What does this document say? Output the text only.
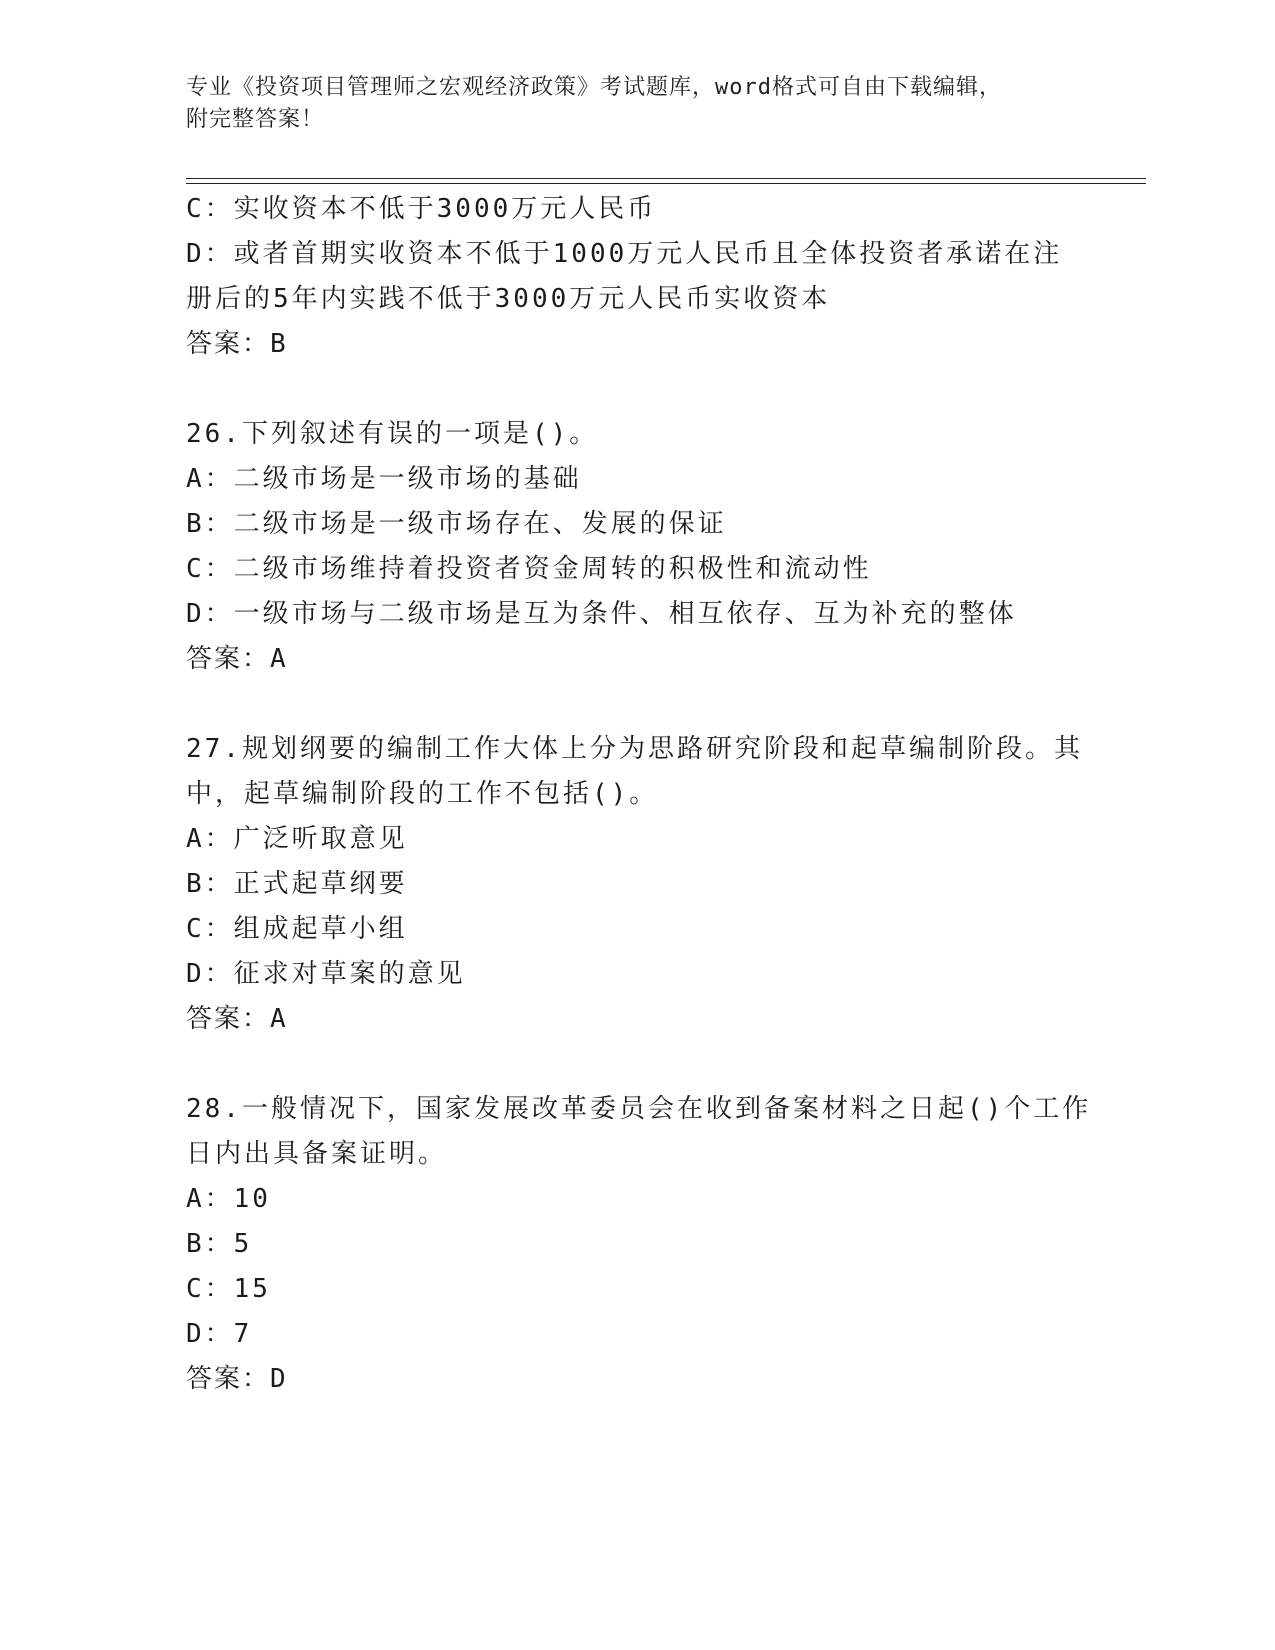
专业《投资项目管理师之宏观经济政策》考试题库，word格式可自由下载编辑，
附完整答案！
C：实收资本不低于3000万元人民币
D：或者首期实收资本不低于1000万元人民币且全体投资者承诺在注
册后的5年内实践不低于3000万元人民币实收资本
答案：B
26.下列叙述有误的一项是()。
A：二级市场是一级市场的基础
B：二级市场是一级市场存在、发展的保证
C：二级市场维持着投资者资金周转的积极性和流动性
D：一级市场与二级市场是互为条件、相互依存、互为补充的整体
答案：A
27.规划纲要的编制工作大体上分为思路研究阶段和起草编制阶段。其
中，起草编制阶段的工作不包括()。
A：广泛听取意见
B：正式起草纲要
C：组成起草小组
D：征求对草案的意见
答案：A
28.一般情况下，国家发展改革委员会在收到备案材料之日起()个工作
日内出具备案证明。
A：10
B：5
C：15
D：7
答案：D
